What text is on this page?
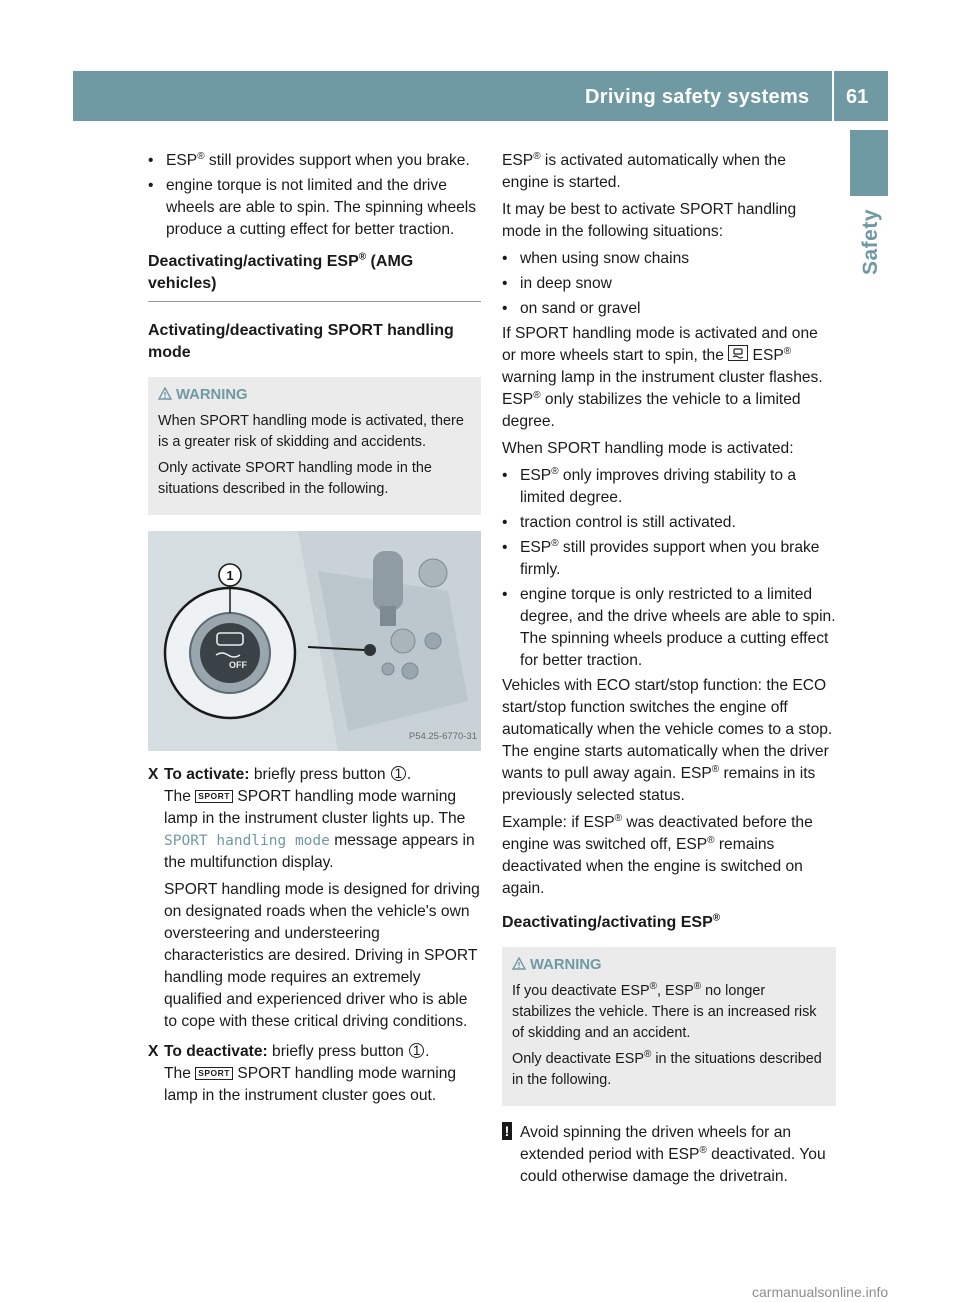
Driving safety systems 61
Safety
• ESP® still provides support when you brake.
• engine torque is not limited and the drive wheels are able to spin. The spinning wheels produce a cutting effect for better traction.
Deactivating/activating ESP® (AMG vehicles)
Activating/deactivating SPORT handling mode
WARNING

When SPORT handling mode is activated, there is a greater risk of skidding and accidents.

Only activate SPORT handling mode in the situations described in the following.

1
OFF
P54.25-6770-31
X To activate: briefly press button 1 .
The SPORT SPORT handling mode warning lamp in the instrument cluster lights up. The SPORT handling mode message appears in the multifunction display.
SPORT handling mode is designed for driving on designated roads when the vehicle's own oversteering and understeering characteristics are desired. Driving in SPORT handling mode requires an extremely qualified and experienced driver who is able to cope with these critical driving conditions.
X To deactivate: briefly press button 1 .
The SPORT SPORT handling mode warning lamp in the instrument cluster goes out.

ESP® is activated automatically when the engine is started.

It may be best to activate SPORT handling mode in the following situations:

• when using snow chains
• in deep snow
• on sand or gravel

If SPORT handling mode is activated and one or more wheels start to spin, the  ESP® warning lamp in the instrument cluster flashes. ESP® only stabilizes the vehicle to a limited degree.

When SPORT handling mode is activated:

• ESP® only improves driving stability to a limited degree.
• traction control is still activated.
• ESP® still provides support when you brake firmly.
• engine torque is only restricted to a limited degree, and the drive wheels are able to spin. The spinning wheels produce a cutting effect for better traction.

Vehicles with ECO start/stop function: the ECO start/stop function switches the engine off automatically when the vehicle comes to a stop. The engine starts automatically when the driver wants to pull away again. ESP® remains in its previously selected status.

Example: if ESP® was deactivated before the engine was switched off, ESP® remains deactivated when the engine is switched on again.

Deactivating/activating ESP®
WARNING

If you deactivate ESP®, ESP® no longer stabilizes the vehicle. There is an increased risk of skidding and an accident.

Only deactivate ESP® in the situations described in the following.

! Avoid spinning the driven wheels for an extended period with ESP® deactivated. You could otherwise damage the drivetrain.
carmanualsonline.info
